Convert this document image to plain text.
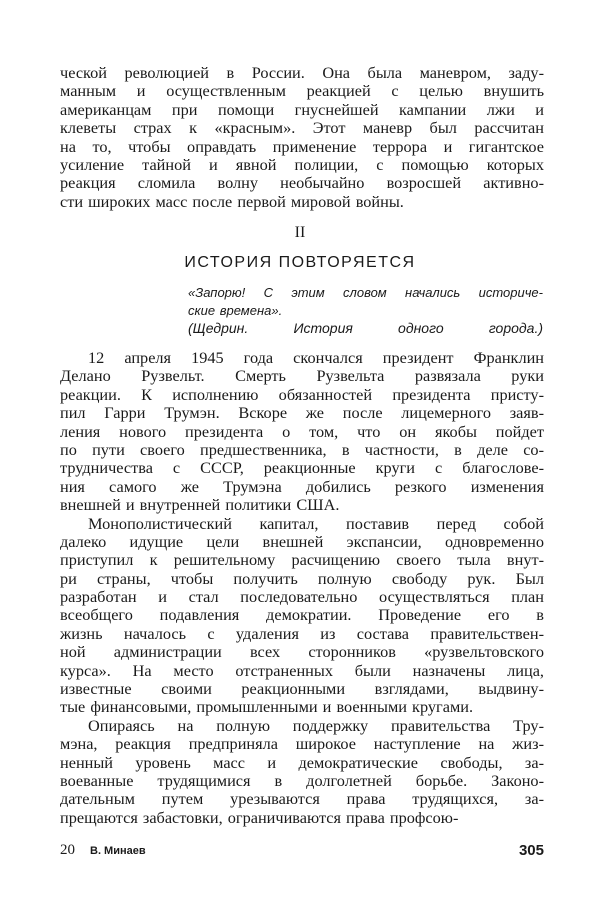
ческой революцией в России. Она была маневром, заду-
манным и осуществленным реакцией с целью внушить
американцам при помощи гнуснейшей кампании лжи и
клеветы страх к «красным». Этот маневр был рассчитан
на то, чтобы оправдать применение террора и гигантское
усиление тайной и явной полиции, с помощью которых
реакция сломила волну необычайно возросшей активно-
сти широких масс после первой мировой войны.
II
ИСТОРИЯ ПОВТОРЯЕТСЯ
«Запорю! С этим словом начались историче-
ские времена».
(Щедрин. История одного города.)
12 апреля 1945 года скончался президент Франклин
Делано Рузвельт. Смерть Рузвельта развязала руки
реакции. К исполнению обязанностей президента присту-
пил Гарри Трумэн. Вскоре же после лицемерного заяв-
ления нового президента о том, что он якобы пойдет
по пути своего предшественника, в частности, в деле со-
трудничества с СССР, реакционные круги с благослове-
ния самого же Трумэна добились резкого изменения
внешней и внутренней политики США.
Монополистический капитал, поставив перед собой
далеко идущие цели внешней экспансии, одновременно
приступил к решительному расчищению своего тыла внут-
ри страны, чтобы получить полную свободу рук. Был
разработан и стал последовательно осуществляться план
всеобщего подавления демократии. Проведение его в
жизнь началось с удаления из состава правительствен-
ной администрации всех сторонников «рузвельтовского
курса». На место отстраненных были назначены лица,
известные своими реакционными взглядами, выдвину-
тые финансовыми, промышленными и военными кругами.
Опираясь на полную поддержку правительства Тру-
мэна, реакция предприняла широкое наступление на жиз-
ненный уровень масс и демократические свободы, за-
воеванные трудящимися в долголетней борьбе. Законо-
дательным путем урезываются права трудящихся, за-
прещаются забастовки, ограничиваются права профсою-
20 В. Минаев	305
